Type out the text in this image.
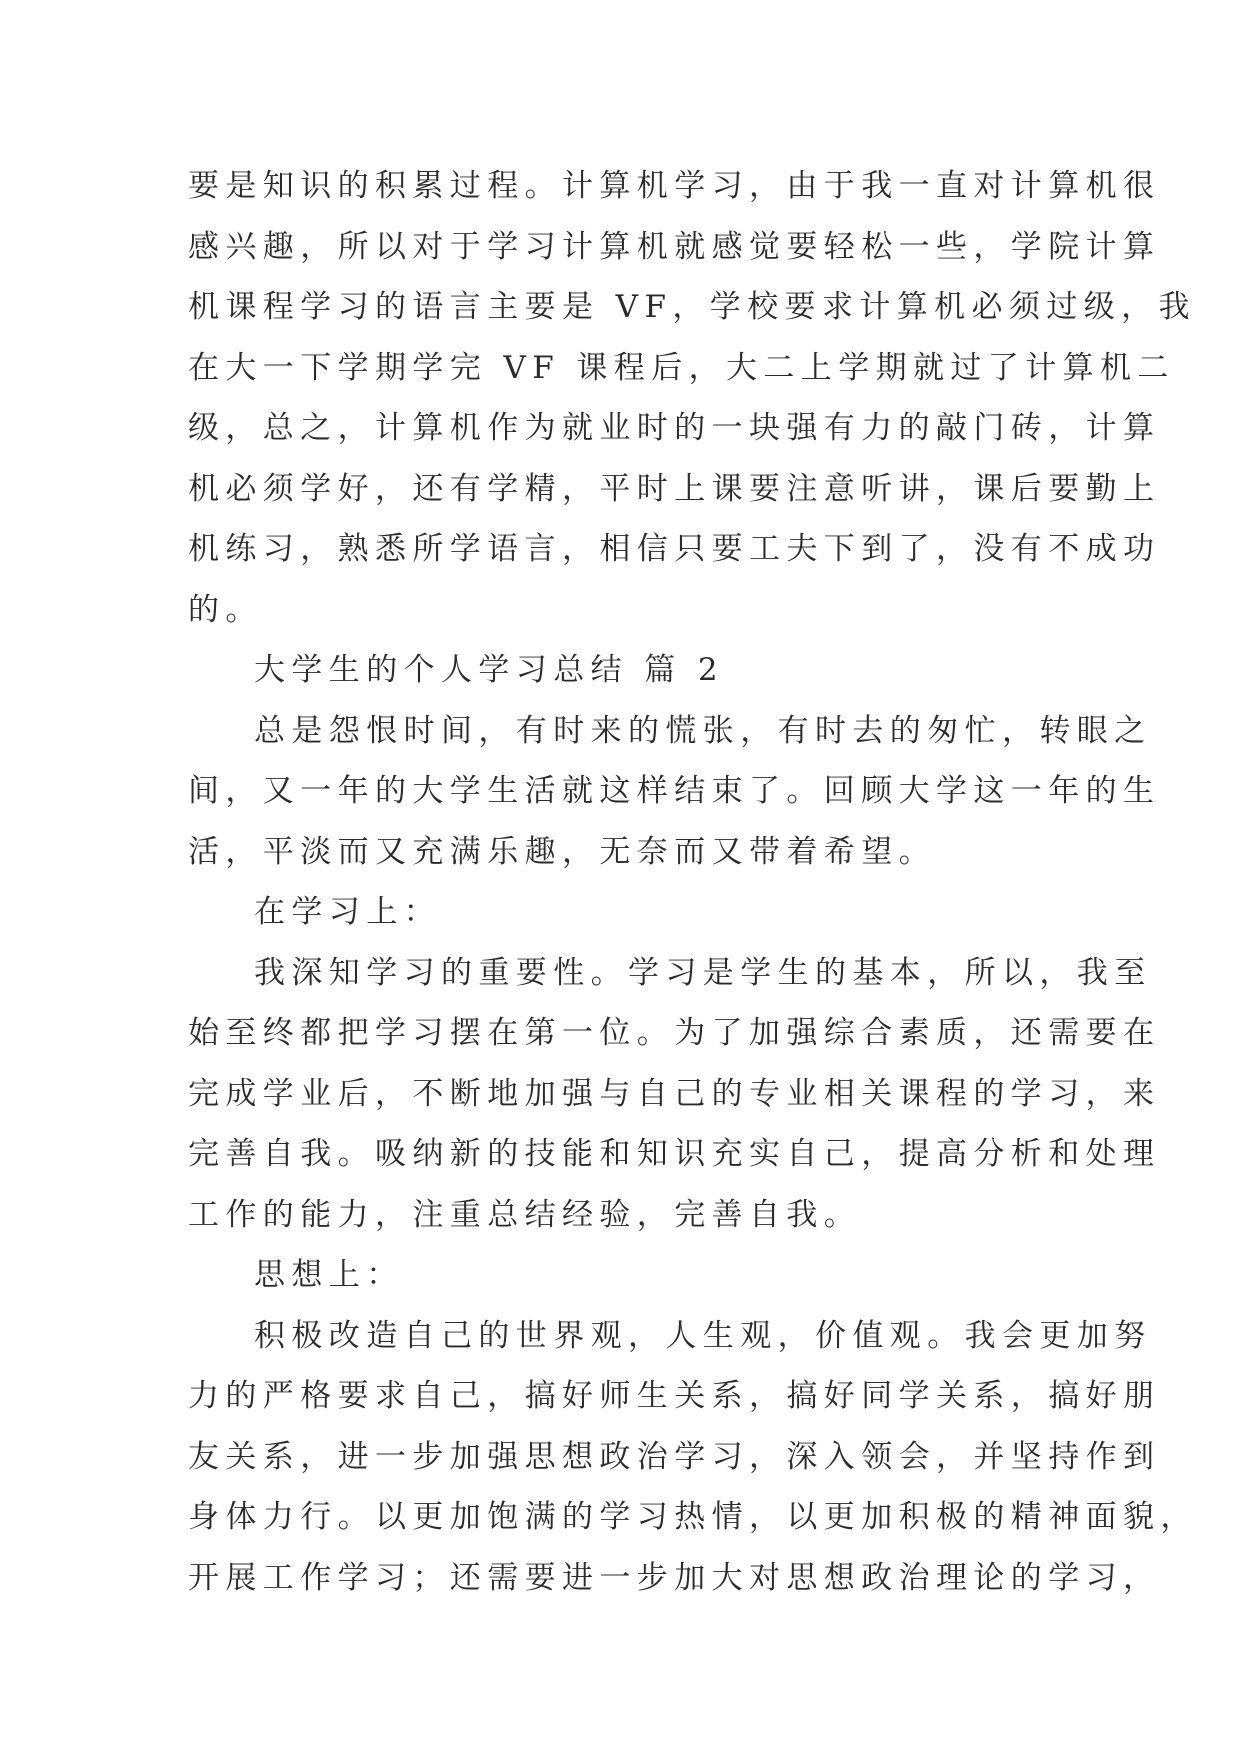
要是知识的积累过程。计算机学习，由于我一直对计算机很
感兴趣，所以对于学习计算机就感觉要轻松一些，学院计算
机课程学习的语言主要是 VF，学校要求计算机必须过级，我
在大一下学期学完 VF 课程后，大二上学期就过了计算机二
级，总之，计算机作为就业时的一块强有力的敲门砖，计算
机必须学好，还有学精，平时上课要注意听讲，课后要勤上
机练习，熟悉所学语言，相信只要工夫下到了，没有不成功
的。
大学生的个人学习总结 篇 2
总是怨恨时间，有时来的慌张，有时去的匆忙，转眼之
间，又一年的大学生活就这样结束了。回顾大学这一年的生
活，平淡而又充满乐趣，无奈而又带着希望。
在学习上：
我深知学习的重要性。学习是学生的基本，所以，我至
始至终都把学习摆在第一位。为了加强综合素质，还需要在
完成学业后，不断地加强与自己的专业相关课程的学习，来
完善自我。吸纳新的技能和知识充实自己，提高分析和处理
工作的能力，注重总结经验，完善自我。
思想上：
积极改造自己的世界观，人生观，价值观。我会更加努
力的严格要求自己，搞好师生关系，搞好同学关系，搞好朋
友关系，进一步加强思想政治学习，深入领会，并坚持作到
身体力行。以更加饱满的学习热情，以更加积极的精神面貌，
开展工作学习；还需要进一步加大对思想政治理论的学习，
